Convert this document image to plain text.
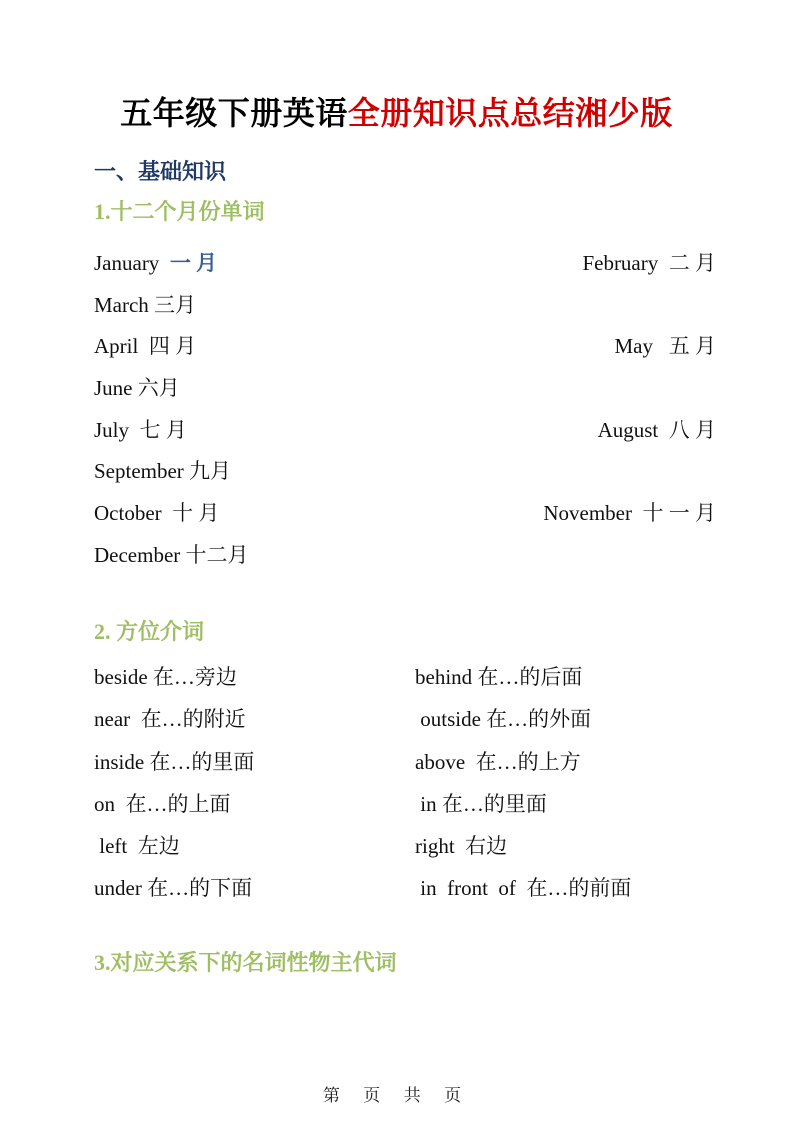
五年级下册英语全册知识点总结湘少版
一、基础知识
1.十二个月份单词
January  一 月	February  二 月
March 三月
April  四 月	May   五 月
June 六月
July  七 月	August  八 月
September 九月
October  十 月	November  十 一 月
December 十二月
2. 方位介词
beside 在…旁边	behind 在…的后面
near  在…的附近	outside 在…的外面
inside 在…的里面	above  在…的上方
on  在…的上面	in 在…的里面
left  左边	right  右边
under 在…的下面	in  front  of  在…的前面
3.对应关系下的名词性物主代词
第 页 共 页
